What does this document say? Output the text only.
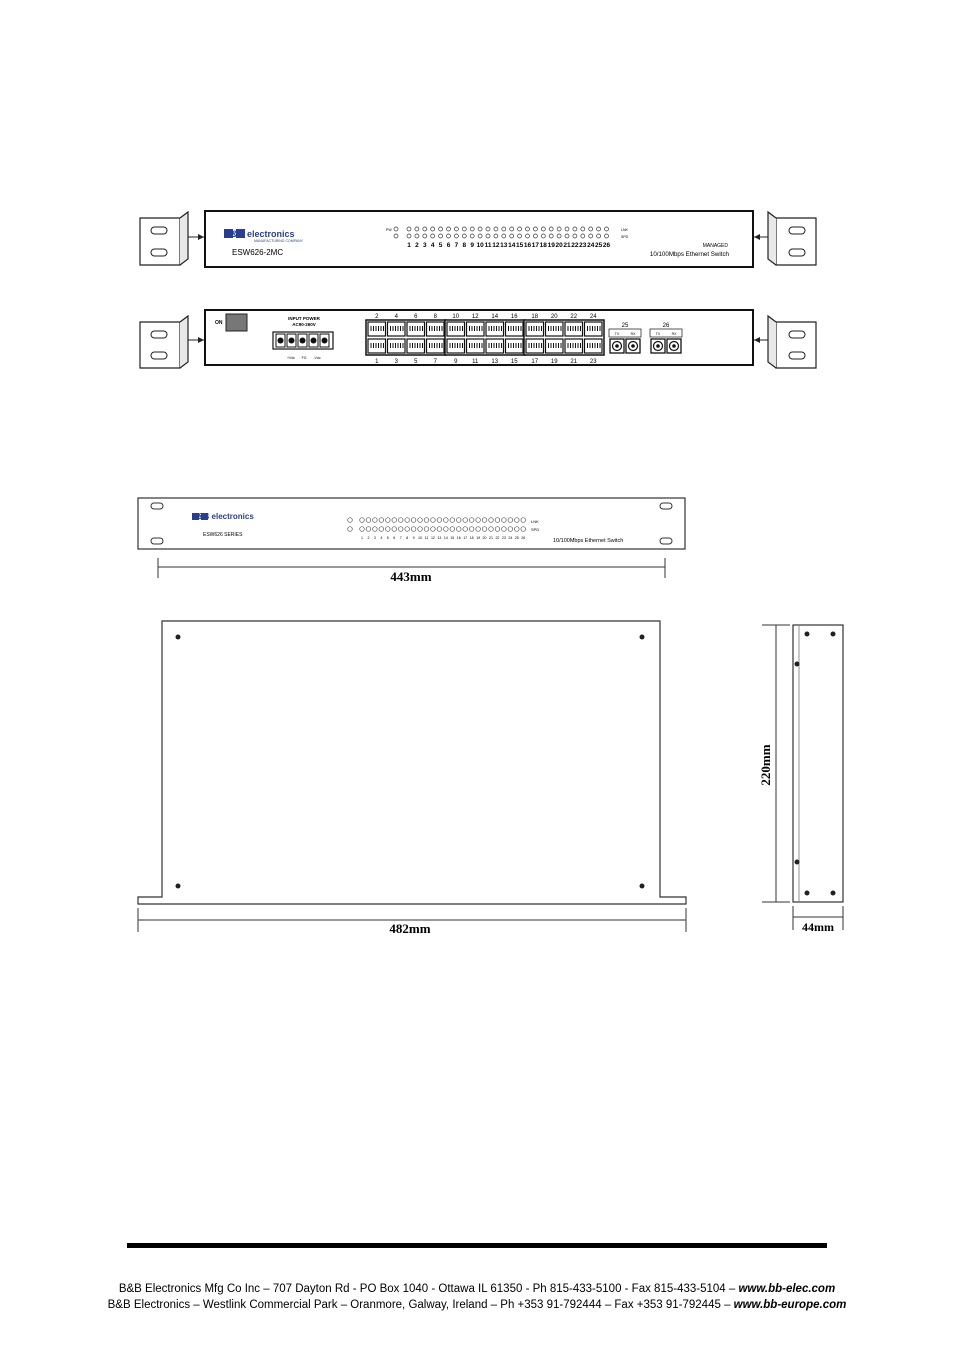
B&B electronics
MANUFACTURING COMPANY
ESW626-2MC
MANAGED
10/100Mbps Ethernet Switch
PW	LNK
SPD
1 2 3 4 5 6 7 8 9 10 11 12 13 14 15 16 17 18 19 20 21 22 23 24 25 26
ON
INPUT POWER
AC90-260V
+Vdc FG -Vdc
2	4	6	8	10 12 14 16 18 20 22 24
1	3	5	7	9 11 13 15 17 19 21 23
25
TX	RX
26
TX	RX
B&B electronics
ESW626 SERIES
10/100Mbps Ethernet Switch
LNK
SPD
1 2 3 4 5 6 7 8 9 10 11 12 13 14 15 16 17 18 19 20 21 22 23 24 25 26
443mm
482mm
220mm
44mm
B&B Electronics Mfg Co Inc – 707 Dayton Rd - PO Box 1040 - Ottawa IL 61350 - Ph 815-433-5100 - Fax 815-433-5104 – www.bb-elec.com
B&B Electronics – Westlink Commercial Park – Oranmore, Galway, Ireland – Ph +353 91-792444 – Fax +353 91-792445 – www.bb-europe.com
